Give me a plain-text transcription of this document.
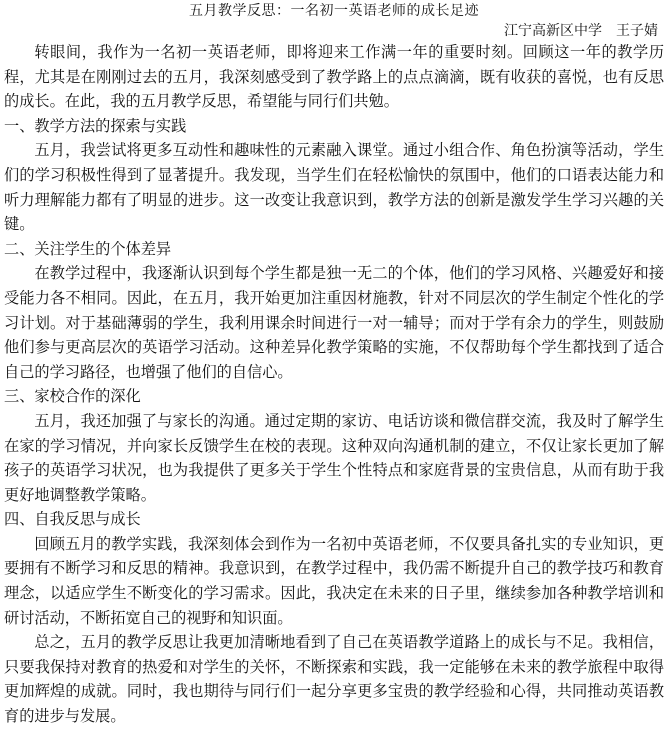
五月教学反思：一名初一英语老师的成长足迹

江宁高新区中学　王子婧

转眼间，我作为一名初一英语老师，即将迎来工作满一年的重要时刻。回顾这一年的教学历程，尤其是在刚刚过去的五月，我深刻感受到了教学路上的点点滴滴，既有收获的喜悦，也有反思的成长。在此，我的五月教学反思，希望能与同行们共勉。

一、教学方法的探索与实践

五月，我尝试将更多互动性和趣味性的元素融入课堂。通过小组合作、角色扮演等活动，学生们的学习积极性得到了显著提升。我发现，当学生们在轻松愉快的氛围中，他们的口语表达能力和听力理解能力都有了明显的进步。这一改变让我意识到，教学方法的创新是激发学生学习兴趣的关键。

二、关注学生的个体差异

在教学过程中，我逐渐认识到每个学生都是独一无二的个体，他们的学习风格、兴趣爱好和接受能力各不相同。因此，在五月，我开始更加注重因材施教，针对不同层次的学生制定个性化的学习计划。对于基础薄弱的学生，我利用课余时间进行一对一辅导；而对于学有余力的学生，则鼓励他们参与更高层次的英语学习活动。这种差异化教学策略的实施，不仅帮助每个学生都找到了适合自己的学习路径，也增强了他们的自信心。

三、家校合作的深化

五月，我还加强了与家长的沟通。通过定期的家访、电话访谈和微信群交流，我及时了解学生在家的学习情况，并向家长反馈学生在校的表现。这种双向沟通机制的建立，不仅让家长更加了解孩子的英语学习状况，也为我提供了更多关于学生个性特点和家庭背景的宝贵信息，从而有助于我更好地调整教学策略。

四、自我反思与成长

回顾五月的教学实践，我深刻体会到作为一名初中英语老师，不仅要具备扎实的专业知识，更要拥有不断学习和反思的精神。我意识到，在教学过程中，我仍需不断提升自己的教学技巧和教育理念，以适应学生不断变化的学习需求。因此，我决定在未来的日子里，继续参加各种教学培训和研讨活动，不断拓宽自己的视野和知识面。

总之，五月的教学反思让我更加清晰地看到了自己在英语教学道路上的成长与不足。我相信，只要我保持对教育的热爱和对学生的关怀，不断探索和实践，我一定能够在未来的教学旅程中取得更加辉煌的成就。同时，我也期待与同行们一起分享更多宝贵的教学经验和心得，共同推动英语教育的进步与发展。
